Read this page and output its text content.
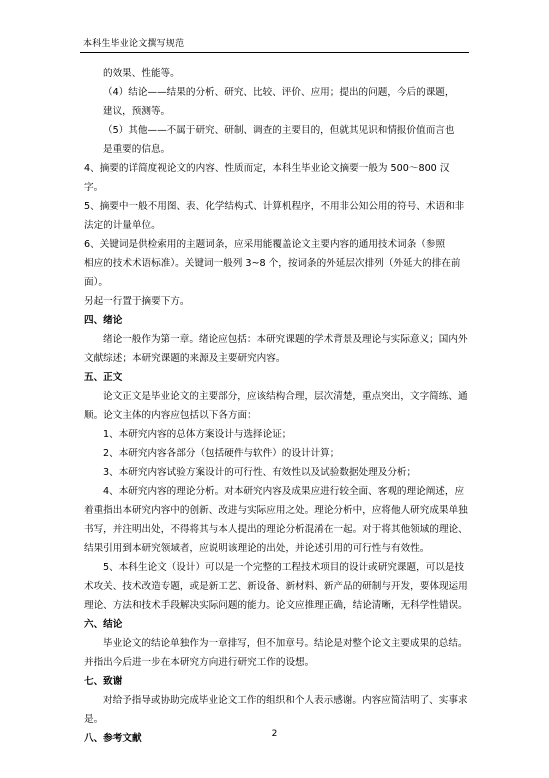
本科生毕业论文撰写规范

的效果、性能等。

（4）结论——结果的分析、研究、比较、评价、应用；提出的问题，今后的课题，

建议，预测等。

（5）其他——不属于研究、研制、调查的主要目的，但就其见识和情报价值而言也

是重要的信息。

4、摘要的详简度视论文的内容、性质而定，本科生毕业论文摘要一般为 500～800 汉字。

5、摘要中一般不用图、表、化学结构式、计算机程序，不用非公知公用的符号、术语和非

法定的计量单位。

6、关键词是供检索用的主题词条，应采用能覆盖论文主要内容的通用技术词条（参照

相应的技术术语标准）。关键词一般列 3~8 个，按词条的外延层次排列（外延大的排在前面）。

另起一行置于摘要下方。

四、绪论

绪论一般作为第一章。绪论应包括：本研究课题的学术背景及理论与实际意义；国内外

文献综述；本研究课题的来源及主要研究内容。

五、正文

论文正文是毕业论文的主要部分，应该结构合理，层次清楚，重点突出，文字简练、通

顺。论文主体的内容应包括以下各方面：

1、本研究内容的总体方案设计与选择论证；

2、本研究内容各部分（包括硬件与软件）的设计计算；

3、本研究内容试验方案设计的可行性、有效性以及试验数据处理及分析；

4、本研究内容的理论分析。对本研究内容及成果应进行较全面、客观的理论阐述，应

着重指出本研究内容中的创新、改进与实际应用之处。理论分析中，应将他人研究成果单独

书写，并注明出处，不得将其与本人提出的理论分析混淆在一起。对于将其他领域的理论、

结果引用到本研究领域者，应说明该理论的出处，并论述引用的可行性与有效性。

5、本科生论文（设计）可以是一个完整的工程技术项目的设计或研究课题，可以是技

术攻关、技术改造专题，或是新工艺、新设备、新材料、新产品的研制与开发，要体现运用

理论、方法和技术手段解决实际问题的能力。论文应推理正确，结论清晰，无科学性错误。

六、结论

毕业论文的结论单独作为一章排写，但不加章号。结论是对整个论文主要成果的总结。

并指出今后进一步在本研究方向进行研究工作的设想。

七、致谢

对给予指导或协助完成毕业论文工作的组织和个人表示感谢。内容应简洁明了、实事求

是。

八、参考文献	2
